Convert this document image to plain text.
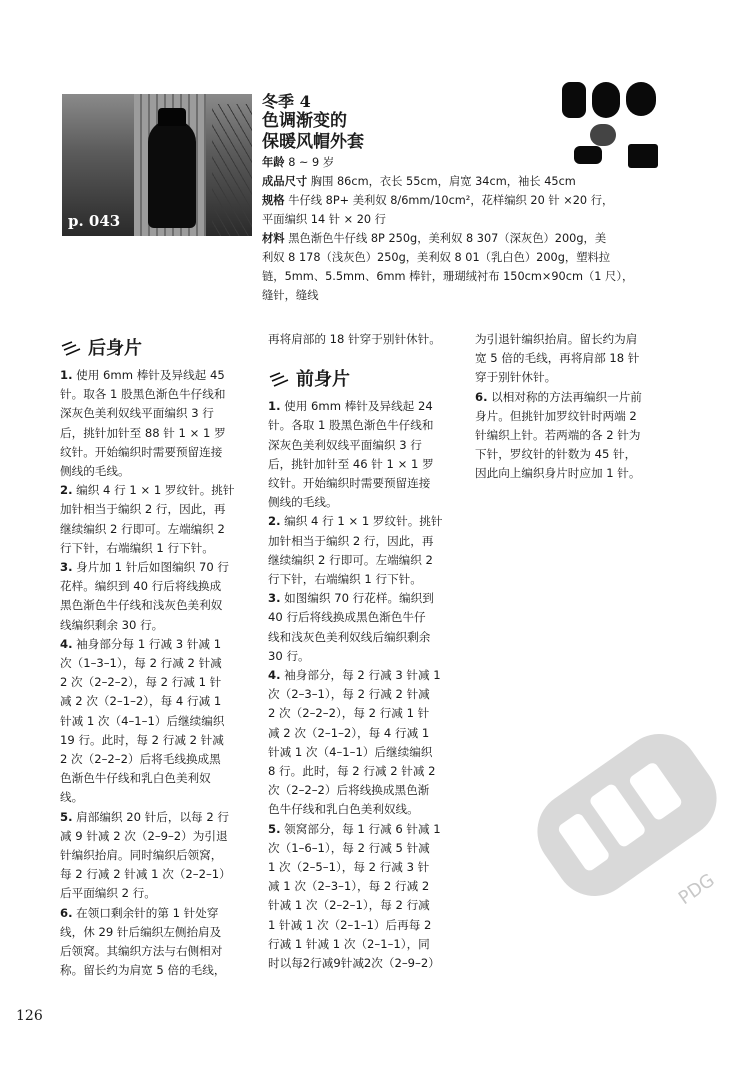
p. 043
冬季 4
色调渐变的
保暖风帽外套
年龄 8 ~ 9 岁
成品尺寸 胸围 86cm，衣长 55cm，肩宽 34cm，袖长 45cm
规格 牛仔线 8P+ 美利奴 8/6mm/10cm²，花样编织 20 针 ×20 行，
平面编织 14 针 × 20 行
材料 黑色渐色牛仔线 8P 250g，美利奴 8 307（深灰色）200g，美
利奴 8 178（浅灰色）250g，美利奴 8 01（乳白色）200g，塑料拉
链，5mm、5.5mm、6mm 棒针，珊瑚绒衬布 150cm×90cm（1 尺），
缝针，缝线
后身片

1. 使用 6mm 棒针及异线起 45

针。取各 1 股黑色渐色牛仔线和

深灰色美利奴线平面编织 3 行

后，挑针加针至 88 针 1 × 1 罗

纹针。开始编织时需要预留连接

侧线的毛线。

2. 编织 4 行 1 × 1 罗纹针。挑针

加针相当于编织 2 行，因此，再

继续编织 2 行即可。左端编织 2

行下针，右端编织 1 行下针。

3. 身片加 1 针后如图编织 70 行

花样。编织到 40 行后将线换成

黑色渐色牛仔线和浅灰色美利奴

线编织剩余 30 行。

4. 袖身部分每 1 行减 3 针减 1

次（1–3–1），每 2 行减 2 针减

2 次（2–2–2），每 2 行减 1 针

减 2 次（2–1–2），每 4 行减 1

针减 1 次（4–1–1）后继续编织

19 行。此时，每 2 行减 2 针减

2 次（2–2–2）后将毛线换成黑

色渐色牛仔线和乳白色美利奴

线。

5. 肩部编织 20 针后，以每 2 行

减 9 针减 2 次（2–9–2）为引退

针编织抬肩。同时编织后领窝，

每 2 行减 2 针减 1 次（2–2–1）

后平面编织 2 行。

6. 在领口剩余针的第 1 针处穿

线，休 29 针后编织左侧抬肩及

后领窝。其编织方法与右侧相对

称。留长约为肩宽 5 倍的毛线，

再将肩部的 18 针穿于别针休针。

前身片

1. 使用 6mm 棒针及异线起 24

针。各取 1 股黑色渐色牛仔线和

深灰色美利奴线平面编织 3 行

后，挑针加针至 46 针 1 × 1 罗

纹针。开始编织时需要预留连接

侧线的毛线。

2. 编织 4 行 1 × 1 罗纹针。挑针

加针相当于编织 2 行，因此，再

继续编织 2 行即可。左端编织 2

行下针，右端编织 1 行下针。

3. 如图编织 70 行花样。编织到

40 行后将线换成黑色渐色牛仔

线和浅灰色美利奴线后编织剩余

30 行。

4. 袖身部分，每 2 行减 3 针减 1

次（2–3–1），每 2 行减 2 针减

2 次（2–2–2），每 2 行减 1 针

减 2 次（2–1–2），每 4 行减 1

针减 1 次（4–1–1）后继续编织

8 行。此时，每 2 行减 2 针减 2

次（2–2–2）后将线换成黑色渐

色牛仔线和乳白色美利奴线。

5. 领窝部分，每 1 行减 6 针减 1

次（1–6–1），每 2 行减 5 针减

1 次（2–5–1），每 2 行减 3 针

减 1 次（2–3–1），每 2 行减 2

针减 1 次（2–2–1），每 2 行减

1 针减 1 次（2–1–1）后再每 2

行减 1 针减 1 次（2–1–1），同

时以每2行减9针减2次（2–9–2）

为引退针编织抬肩。留长约为肩

宽 5 倍的毛线，再将肩部 18 针

穿于别针休针。

6. 以相对称的方法再编织一片前

身片。但挑针加罗纹针时两端 2

针编织上针。若两端的各 2 针为

下针，罗纹针的针数为 45 针，

因此向上编织身片时应加 1 针。

PDG
126
